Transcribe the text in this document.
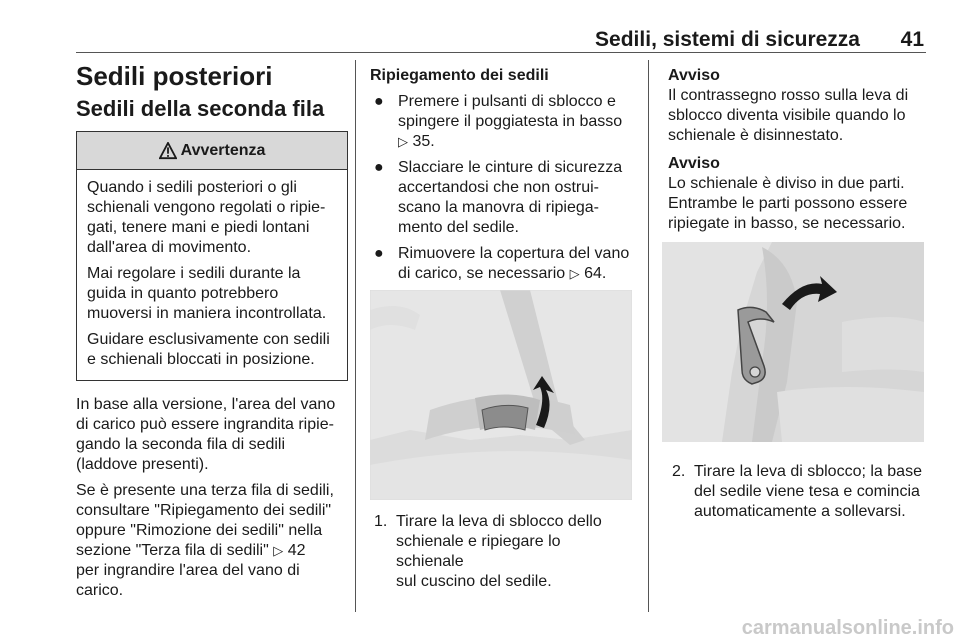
Sedili, sistemi di sicurezza 41
Sedili posteriori
Sedili della seconda fila
Avvertenza

Quando i sedili posteriori o gli
schienali vengono regolati o ripie-
gati, tenere mani e piedi lontani
dall'area di movimento.

Mai regolare i sedili durante la
guida in quanto potrebbero
muoversi in maniera incontrollata.

Guidare esclusivamente con sedili
e schienali bloccati in posizione.

In base alla versione, l'area del vano
di carico può essere ingrandita ripie-
gando la seconda fila di sedili
(laddove presenti).

Se è presente una terza fila di sedili,
consultare "Ripiegamento dei sedili"
oppure "Rimozione dei sedili" nella
sezione "Terza fila di sedili" ▷ 42
per ingrandire l'area del vano di
carico.

Ripiegamento dei sedili
● Premere i pulsanti di sblocco e
spingere il poggiatesta in basso
▷ 35.
● Slacciare le cinture di sicurezza
accertandosi che non ostrui-
scano la manovra di ripiega-
mento del sedile.
● Rimuovere la copertura del vano
di carico, se necessario ▷ 64.
1. Tirare la leva di sblocco dello
schienale e ripiegare lo schienale
sul cuscino del sedile.
Avviso

Il contrassegno rosso sulla leva di
sblocco diventa visibile quando lo
schienale è disinnestato.

Avviso

Lo schienale è diviso in due parti.
Entrambe le parti possono essere
ripiegate in basso, se necessario.

2. Tirare la leva di sblocco; la base
del sedile viene tesa e comincia
automaticamente a sollevarsi.
carmanualsonline.info
